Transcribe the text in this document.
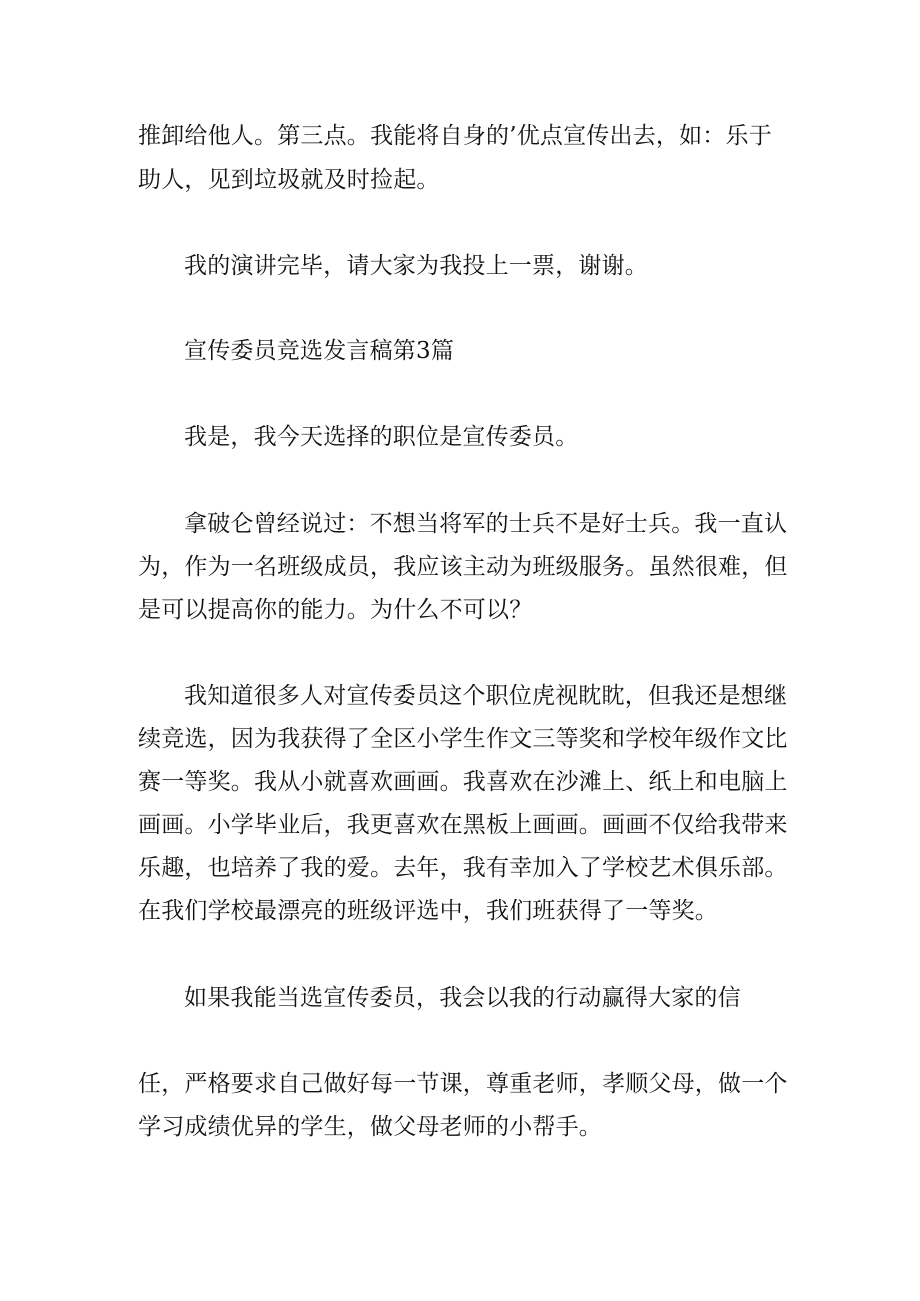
推卸给他人。第三点。我能将自身的’优点宣传出去，如：乐于

助人，见到垃圾就及时捡起。

我的演讲完毕，请大家为我投上一票，谢谢。

宣传委员竞选发言稿第3篇

我是，我今天选择的职位是宣传委员。

拿破仑曾经说过：不想当将军的士兵不是好士兵。我一直认

为，作为一名班级成员，我应该主动为班级服务。虽然很难，但

是可以提高你的能力。为什么不可以？

我知道很多人对宣传委员这个职位虎视眈眈，但我还是想继

续竞选，因为我获得了全区小学生作文三等奖和学校年级作文比

赛一等奖。我从小就喜欢画画。我喜欢在沙滩上、纸上和电脑上

画画。小学毕业后，我更喜欢在黑板上画画。画画不仅给我带来

乐趣，也培养了我的爱。去年，我有幸加入了学校艺术俱乐部。

在我们学校最漂亮的班级评选中，我们班获得了一等奖。

如果我能当选宣传委员，我会以我的行动赢得大家的信

任，严格要求自己做好每一节课，尊重老师，孝顺父母，做一个

学习成绩优异的学生，做父母老师的小帮手。
